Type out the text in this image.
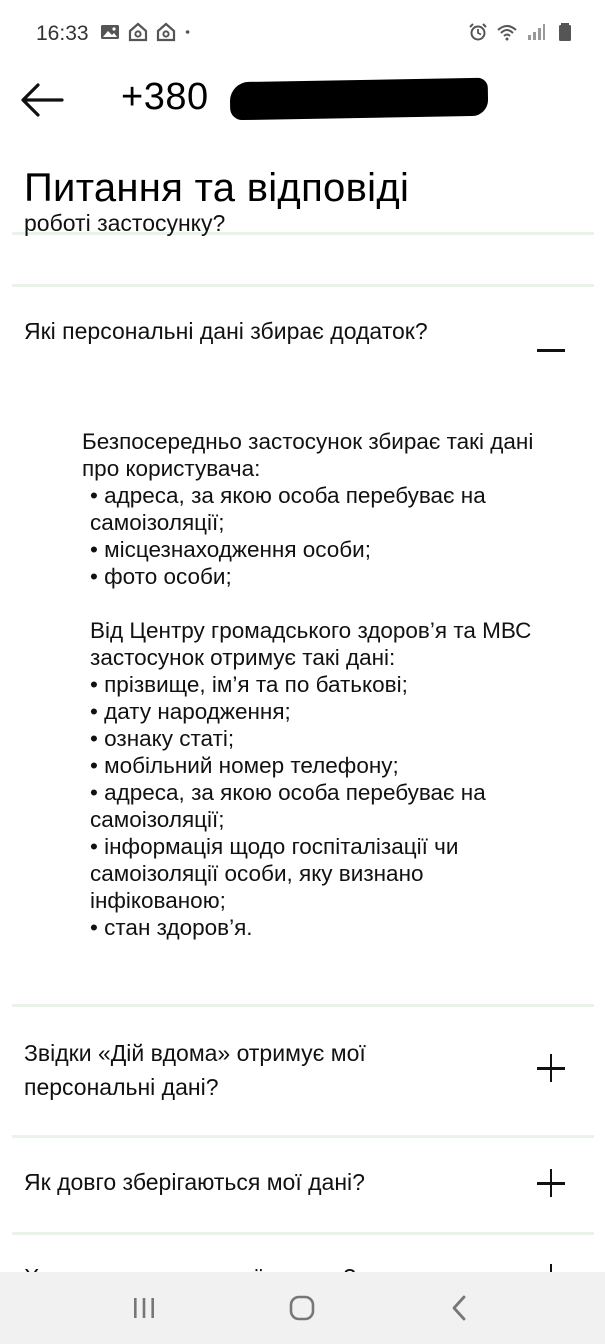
16:33
+380
Питання та відповіді
роботі застосунку?
Які персональні дані збирає додаток?

Безпосередньо застосунок збирає такі дані про користувача:

• адреса, за якою особа перебуває на самоізоляції;

• місцезнаходження особи;

• фото особи;

Від Центру громадського здоров’я та МВС застосунок отримує такі дані:

• прізвище, ім’я та по батькові;

• дату народження;

• ознаку статі;

• мобільний номер телефону;

• адреса, за якою особа перебуває на самоізоляції;

• інформація щодо госпіталізації чи самоізоляції особи, яку визнано інфікованою;

• стан здоров’я.

Звідки «Дій вдома» отримує мої персональні дані?
Як довго зберігаються мої дані?
